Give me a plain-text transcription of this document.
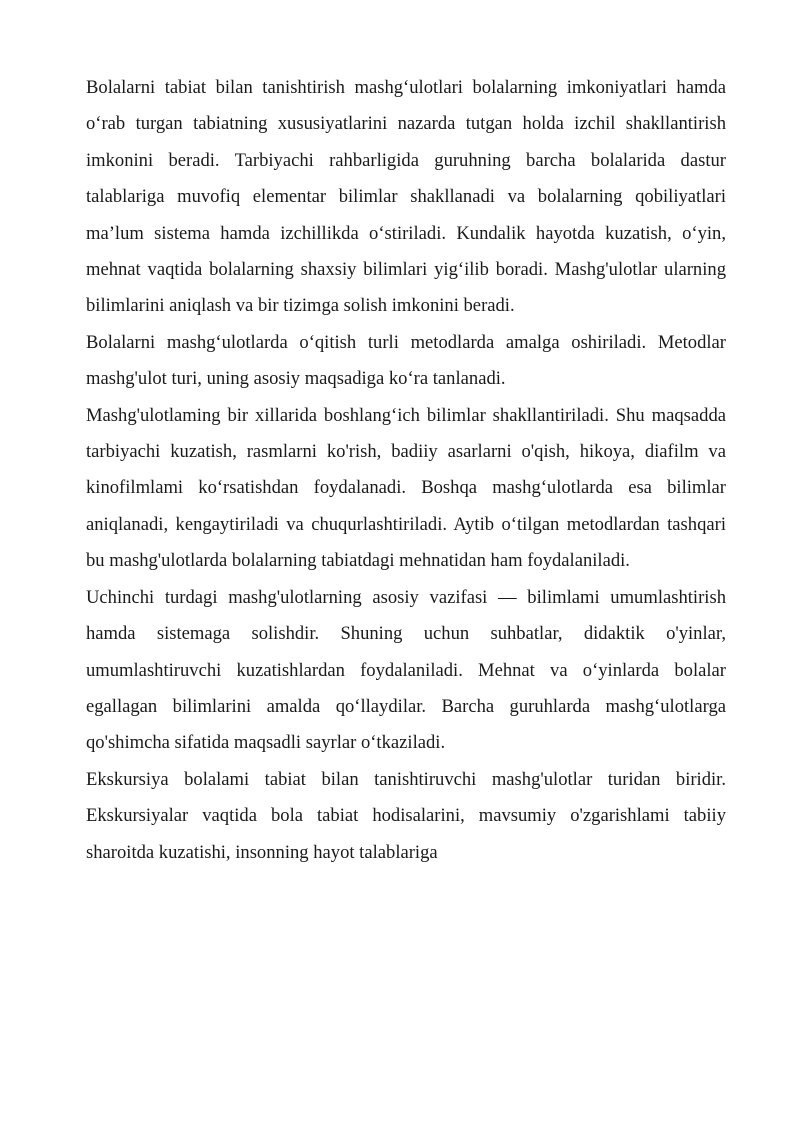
Bolalarni tabiat bilan tanishtirish mashg‘ulotlari bolalarning imkoniyatlari hamda o‘rab turgan tabiatning xususiyatlarini nazarda tutgan holda izchil shakllantirish imkonini beradi. Tarbiyachi rahbarligida guruhning barcha bolalarida dastur talablariga muvofiq elementar bilimlar shakllanadi va bolalarning qobiliyatlari ma’lum sistema hamda izchillikda o‘stiriladi. Kundalik hayotda kuzatish, o‘yin, mehnat vaqtida bolalarning shaxsiy bilimlari yig‘ilib boradi. Mashg'ulotlar ularning bilimlarini aniqlash va bir tizimga solish imkonini beradi.

Bolalarni mashg‘ulotlarda o‘qitish turli metodlarda amalga oshiriladi. Metodlar mashg'ulot turi, uning asosiy maqsadiga ko‘ra tanlanadi.

Mashg'ulotlaming bir xillarida boshlang‘ich bilimlar shakllantiriladi. Shu maqsadda tarbiyachi kuzatish, rasmlarni ko'rish, badiiy asarlarni o'qish, hikoya, diafilm va kinofilmlami ko‘rsatishdan foydalanadi. Boshqa mashg‘ulotlarda esa bilimlar aniqlanadi, kengaytiriladi va chuqurlashtiriladi. Aytib o‘tilgan metodlardan tashqari bu mashg'ulotlarda bolalarning tabiatdagi mehnatidan ham foydalaniladi.

Uchinchi turdagi mashg'ulotlarning asosiy vazifasi — bilimlami umumlashtirish hamda sistemaga solishdir. Shuning uchun suhbatlar, didaktik o'yinlar, umumlashtiruvchi kuzatishlardan foydalaniladi. Mehnat va o‘yinlarda bolalar egallagan bilimlarini amalda qo‘llaydilar. Barcha guruhlarda mashg‘ulotlarga qo'shimcha sifatida maqsadli sayrlar o‘tkaziladi.

Ekskursiya bolalami tabiat bilan tanishtiruvchi mashg'ulotlar turidan biridir. Ekskursiyalar vaqtida bola tabiat hodisalarini, mavsumiy o'zgarishlami tabiiy sharoitda kuzatishi, insonning hayot talablariga
